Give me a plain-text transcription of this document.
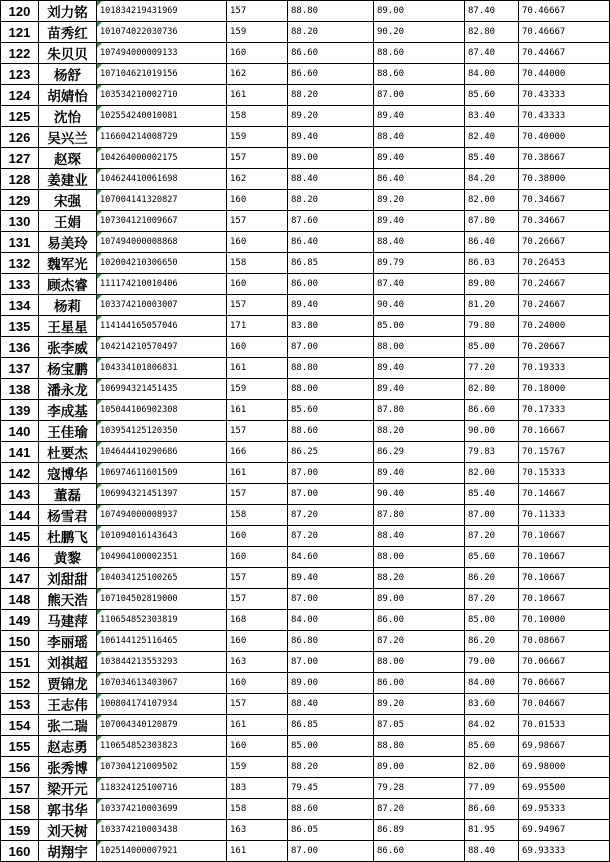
120	刘力铭	101834219431969	157	88.80	89.00	87.40	70.46667
121	苗秀红	101074022030736	159	88.20	90.20	82.80	70.46667
122	朱贝贝	107494000009133	160	86.60	88.60	87.40	70.44667
123	杨舒	107104621019156	162	86.60	88.60	84.00	70.44000
124	胡婧怡	103534210002710	161	88.20	87.00	85.60	70.43333
125	沈怡	102554240010081	158	89.20	89.40	83.40	70.43333
126	吴兴兰	116604214008729	159	89.40	88.40	82.40	70.40000
127	赵琛	104264000002175	157	89.00	89.40	85.40	70.38667
128	姜建业	104624410061698	162	88.40	86.40	84.20	70.38000
129	宋强	107004141320827	160	88.20	89.20	82.00	70.34667
130	王娟	107304121009667	157	87.60	89.40	87.80	70.34667
131	易美玲	107494000008868	160	86.40	88.40	86.40	70.26667
132	魏军光	102004210306650	158	86.85	89.79	86.03	70.26453
133	顾杰睿	111174210010406	160	86.00	87.40	89.00	70.24667
134	杨莉	103374210003007	157	89.40	90.40	81.20	70.24667
135	王星星	114144165057046	171	83.80	85.00	79.80	70.24000
136	张李威	104214210570497	160	87.00	88.00	85.00	70.20667
137	杨宝鹏	104334101806831	161	88.80	89.40	77.20	70.19333
138	潘永龙	106994321451435	159	88.00	89.40	82.80	70.18000
139	李成基	105044106902308	161	85.60	87.80	86.60	70.17333
140	王佳瑜	103954125120350	157	88.60	88.20	90.00	70.16667
141	杜要杰	104644410290686	166	86.25	86.29	79.83	70.15767
142	寇博华	106974611601509	161	87.00	89.40	82.00	70.15333
143	董磊	106994321451397	157	87.00	90.40	85.40	70.14667
144	杨雪君	107494000008937	158	87.20	87.80	87.00	70.11333
145	杜鹏飞	101094016143643	160	87.20	88.40	87.20	70.10667
146	黄黎	104904100002351	160	84.60	88.00	85.60	70.10667
147	刘甜甜	104034125100265	157	89.40	88.20	86.20	70.10667
148	熊天浩	107104502819000	157	87.00	89.00	87.20	70.10667
149	马建萍	110654852303819	168	84.00	86.00	85.00	70.10000
150	李丽瑶	106144125116465	160	86.80	87.20	86.20	70.08667
151	刘祺超	103844213553293	163	87.00	88.00	79.00	70.06667
152	贾锦龙	107034613403067	160	89.00	86.00	84.00	70.06667
153	王志伟	100804174107934	157	88.40	89.20	83.60	70.04667
154	张二瑞	107004340120879	161	86.85	87.05	84.02	70.01533
155	赵志勇	110654852303823	160	85.00	88.80	85.60	69.98667
156	张秀博	107304121009502	159	88.20	89.00	82.00	69.98000
157	梁开元	118324125100716	183	79.45	79.28	77.09	69.95500
158	郭书华	103374210003699	158	88.60	87.20	86.60	69.95333
159	刘天树	103374210003438	163	86.05	86.89	81.95	69.94967
160	胡翔宇	102514000007921	161	87.00	86.60	88.40	69.93333
